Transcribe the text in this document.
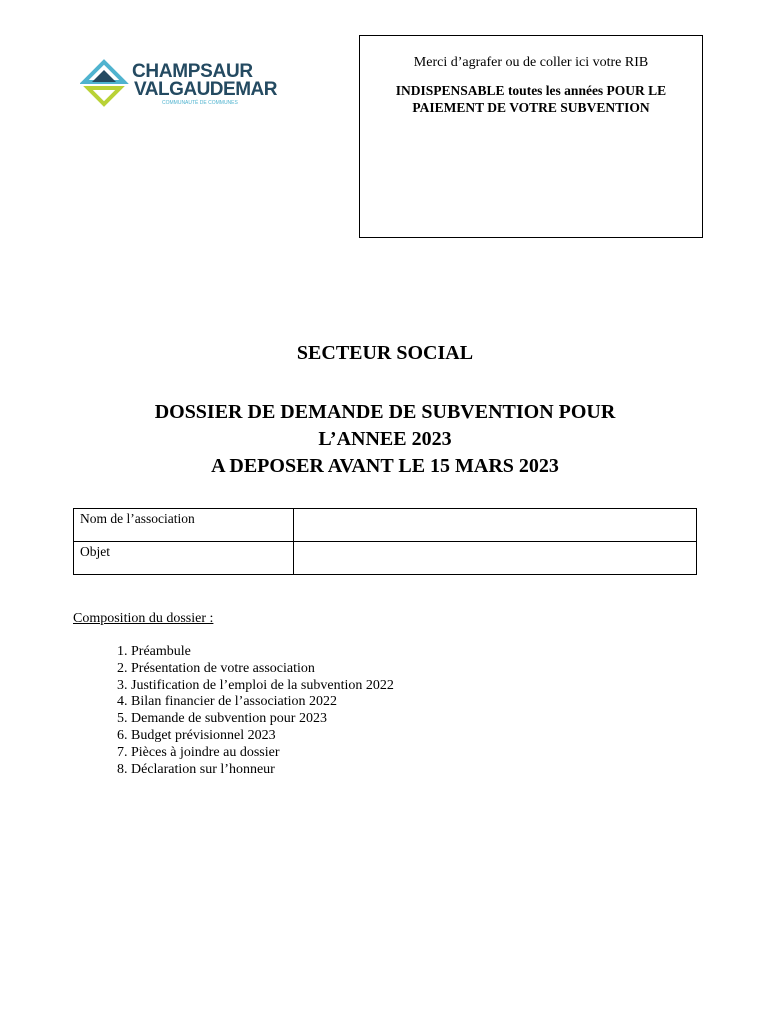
CHAMPSAUR
VALGAUDEMAR
COMMUNAUTÉ DE COMMUNES
Merci d’agrafer ou de coller ici votre RIB
INDISPENSABLE toutes les années POUR LE PAIEMENT DE VOTRE SUBVENTION
SECTEUR SOCIAL
DOSSIER DE DEMANDE DE SUBVENTION POUR
L’ANNEE 2023
A DEPOSER AVANT LE 15 MARS 2023
Nom de l’association	
Objet	
Composition du dossier :
1. Préambule
2. Présentation de votre association
3. Justification de l’emploi de la subvention 2022
4. Bilan financier de l’association 2022
5. Demande de subvention pour 2023
6. Budget prévisionnel 2023
7. Pièces à joindre au dossier
8. Déclaration sur l’honneur
